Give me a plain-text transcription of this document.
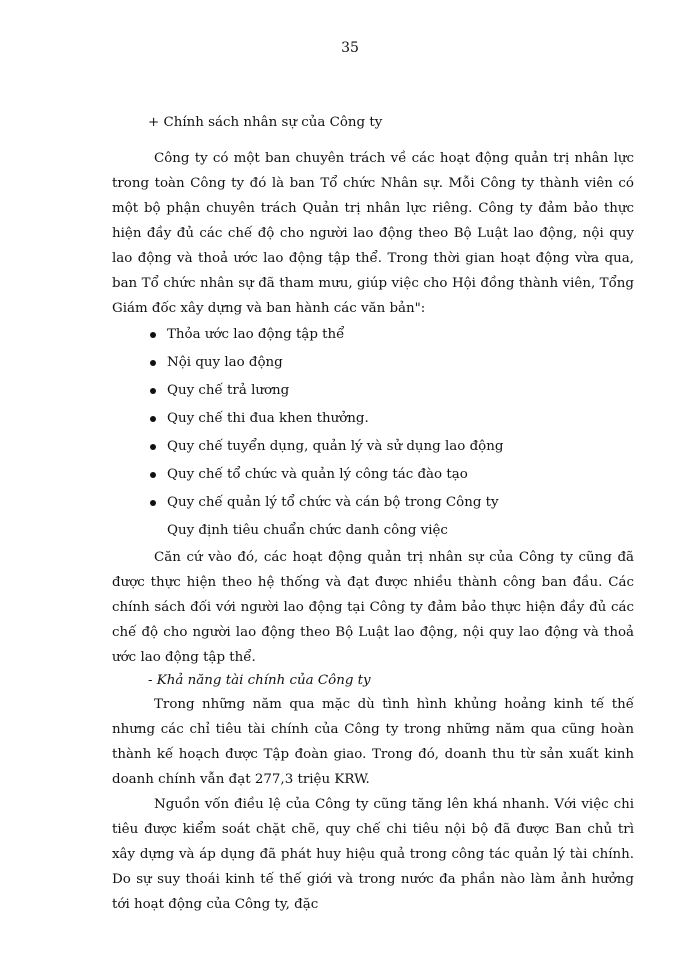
35

+ Chính sách nhân sự của Công ty

Công ty có một ban chuyên trách về các hoạt động quản trị nhân lực trong toàn Công ty đó là ban Tổ chức Nhân sự. Mỗi Công ty thành viên có một bộ phận chuyên trách Quản trị nhân lực riêng. Công ty đảm bảo thực hiện đầy đủ các chế độ cho người lao động theo Bộ Luật lao động, nội quy lao động và thoả ước lao động tập thể. Trong thời gian hoạt động vừa qua, ban Tổ chức nhân sự đã tham mưu, giúp việc cho Hội đồng thành viên, Tổng Giám đốc xây dựng và ban hành các văn bản":

Thỏa ước lao động tập thể
Nội quy lao động
Quy chế trả lương
Quy chế thi đua khen thưởng.
Quy chế tuyển dụng, quản lý và sử dụng lao động
Quy chế tổ chức và quản lý công tác đào tạo
Quy chế quản lý tổ chức và cán bộ trong Công ty

Quy định tiêu chuẩn chức danh công việc

Căn cứ vào đó, các hoạt động quản trị nhân sự của Công ty cũng đã được thực hiện theo hệ thống và đạt được nhiều thành công ban đầu. Các chính sách đối với người lao động tại Công ty đảm bảo thực hiện đầy đủ các chế độ cho người lao động theo Bộ Luật lao động, nội quy lao động và thoả ước lao động tập thể.

- Khả năng tài chính của Công ty

Trong những năm qua mặc dù tình hình khủng hoảng kinh tế thế nhưng các chỉ tiêu tài chính của Công ty trong những năm qua cũng hoàn thành kế hoạch được Tập đoàn giao. Trong đó, doanh thu từ sản xuất kinh doanh chính vẫn đạt 277,3 triệu KRW.

Nguồn vốn điều lệ của Công ty cũng tăng lên khá nhanh. Với việc chi tiêu được kiểm soát chặt chẽ, quy chế chi tiêu nội bộ đã được Ban chủ trì xây dựng và áp dụng đã phát huy hiệu quả trong công tác quản lý tài chính. Do sự suy thoái kinh tế thế giới và trong nước đa phần nào làm ảnh hưởng tới hoạt động của Công ty, đặc
